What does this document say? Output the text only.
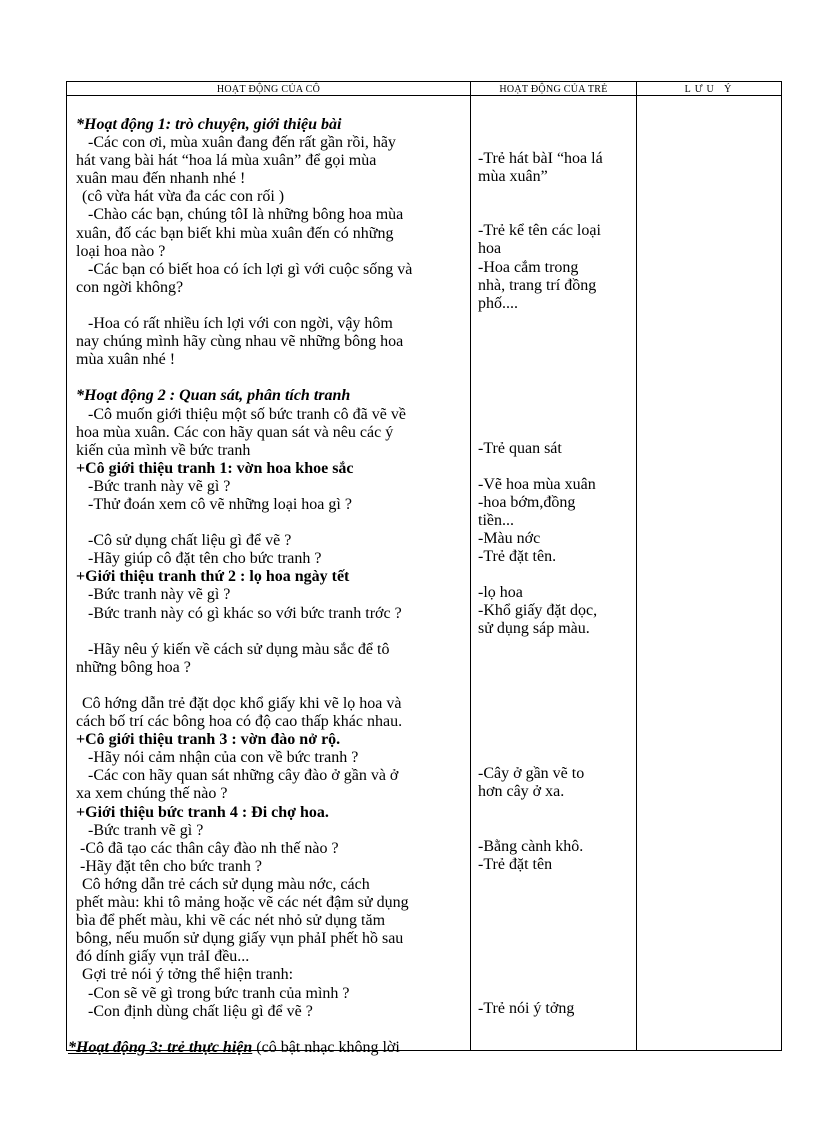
HOẠT ĐỘNG CỦA CÔ	HOẠT ĐỘNG CỦA TRẺ	LƯU Ý
*Hoạt động 1: trò chuyện, giới thiệu bài
-Các con ơi, mùa xuân đang đến rất gần rồi, hãy
hát vang bài hát “hoa lá mùa xuân” để gọi mùa
xuân mau đến nhanh nhé !
(cô vừa hát vừa đa các con rối )
-Chào các bạn, chúng tôI là những bông hoa mùa
xuân, đố các bạn biết khi mùa xuân đến có những
loại hoa nào ?
-Các bạn có biết hoa có ích lợi gì với cuộc sống và
con ngời không?
-Hoa có rất nhiều ích lợi với con ngời, vậy hôm
nay chúng mình hãy cùng nhau vẽ những bông hoa
mùa xuân nhé !
*Hoạt động 2 : Quan sát, phân tích tranh
-Cô muốn giới thiệu một số bức tranh cô đã vẽ về
hoa mùa xuân. Các con hãy quan sát và nêu các ý
kiến của mình về bức tranh
+Cô giới thiệu tranh 1: vờn hoa khoe sắc
-Bức tranh này vẽ gì ?
-Thử đoán xem cô vẽ những loại hoa gì ?
-Cô sử dụng chất liệu gì để vẽ ?
-Hãy giúp cô đặt tên cho bức tranh ?
+Giới thiệu tranh thứ 2 : lọ hoa ngày tết
-Bức tranh này vẽ gì ?
-Bức tranh này có gì khác so với bức tranh trớc ?
-Hãy nêu ý kiến về cách sử dụng màu sắc để tô
những bông hoa ?
Cô hớng dẫn trẻ đặt dọc khổ giấy khi vẽ lọ hoa và
cách bố trí các bông hoa có độ cao thấp khác nhau.
+Cô giới thiệu tranh 3 : vờn đào nở rộ.
-Hãy nói cảm nhận của con về bức tranh ?
-Các con hãy quan sát những cây đào ở gần và ở
xa xem chúng thế nào ?
+Giới thiệu bức tranh 4 : Đi chợ hoa.
-Bức tranh vẽ gì ?
-Cô đã tạo các thân cây đào nh thế nào ?
-Hãy đặt tên cho bức tranh ?
Cô hớng dẫn trẻ cách sử dụng màu nớc, cách
phết màu: khi tô mảng hoặc vẽ các nét đậm sử dụng
bìa để phết màu, khi vẽ các nét nhỏ sử dụng tăm
bông, nếu muốn sử dụng giấy vụn phảI phết hồ sau
đó dính giấy vụn trảI đều...
Gợi trẻ nói ý tởng thể hiện tranh:
-Con sẽ vẽ gì trong bức tranh của mình ?
-Con định dùng chất liệu gì để vẽ ?
*Hoạt động 3: trẻ thực hiện (cô bật nhạc không lời
-Trẻ hát bàI “hoa lá
mùa xuân”
-Trẻ kể tên các loại
hoa
-Hoa cắm trong
nhà, trang trí đồng
phố....
-Trẻ quan sát
-Vẽ hoa mùa xuân
-hoa bớm,đồng
tiền...
-Màu nớc
-Trẻ đặt tên.
-lọ hoa
-Khổ giấy đặt dọc,
sử dụng sáp màu.
-Cây ở gần vẽ to
hơn cây ở xa.
-Bằng cành khô.
-Trẻ đặt tên
-Trẻ nói ý tởng
